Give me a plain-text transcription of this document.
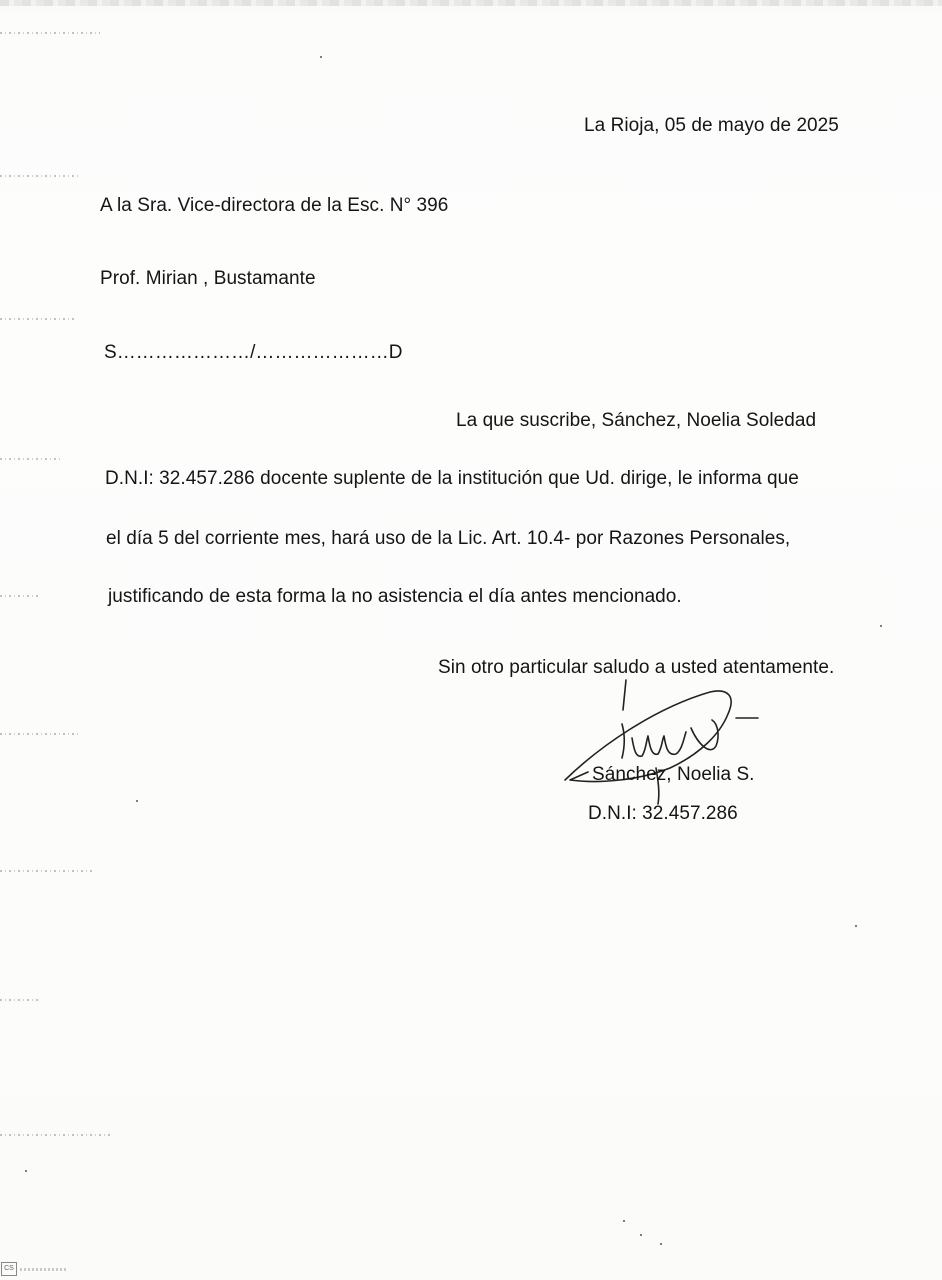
La Rioja, 05 de mayo de 2025
A la Sra. Vice-directora de la Esc. N° 396
Prof. Mirian , Bustamante
S…………………/…………………D
La que suscribe, Sánchez, Noelia Soledad
D.N.I: 32.457.286 docente suplente de la institución que Ud. dirige, le informa que
el día 5 del corriente mes, hará uso de la Lic. Art. 10.4- por Razones Personales,
justificando de esta forma la no asistencia el día antes mencionado.
Sin otro particular saludo a usted atentamente.
Sánchez, Noelia S.
D.N.I: 32.457.286
CS
